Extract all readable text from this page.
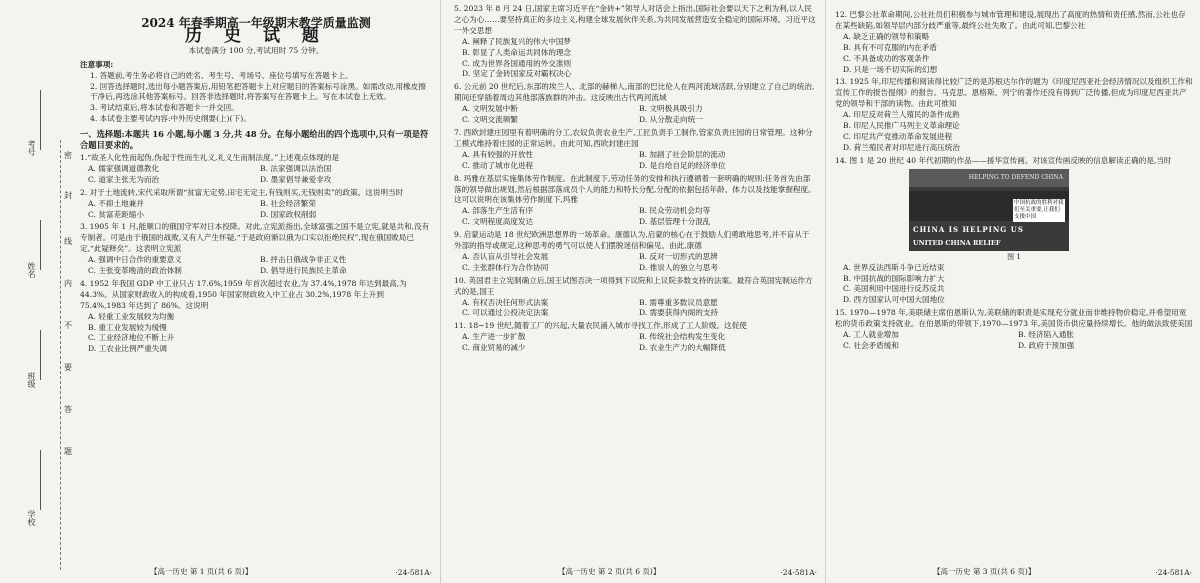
考号
姓名
班级
学校
密
封
线
内
不
要
答
题
2024 年春季期高一年级期末教学质量监测
历 史 试 题
本试卷满分 100 分,考试用时 75 分钟。
注意事项:
1. 答题前,考生务必将自己的姓名、考生号、考场号、座位号填写在答题卡上。
2. 回答选择题时,选出每小题答案后,用铅笔把答题卡上对应题目的答案标号涂黑。如需改动,用橡皮擦干净后,再选涂其他答案标号。回答非选择题时,将答案写在答题卡上。写在本试卷上无效。
3. 考试结束后,将本试卷和答题卡一并交回。
4. 本试卷主要考试内容:中外历史纲要(上)(下)。
一、选择题:本题共 16 小题,每小题 3 分,共 48 分。在每小题给出的四个选项中,只有一项是符合题目要求的。
1.“故圣人化性而起伪,伪起于性而生礼义,礼义生而制法度。”上述观点体现的是
A. 儒家强调道德教化	B. 法家强调以法治国
C. 道家主张无为而治	D. 墨家倡导兼爱非攻
2. 对于土地流转,宋代采取所谓“贫富无定势,田宅无定主,有钱则买,无钱则卖”的政策。这说明当时
A. 不抑土地兼并	B. 社会经济繁荣
C. 贫富差距缩小	D. 国家政权削弱
3. 1905 年 1 月,能顺口的俄国守军对日本投降。对此,立宪派指出,全球富强之国不是立宪,就是共和,没有专制者。可是由于俄国的战败,又有人产生怀疑,“于是政府渐以俄为口实以拒绝民权”,现在俄国败局已定,“此疑释矣”。这表明立宪派
A. 强调中日合作的重要意义	B. 抨击日俄战争非正义性
C. 主张变革晚清的政治体制	D. 倡导进行民族民主革命
4. 1952 年我国 GDP 中工业只占 17.6%,1959 年首次超过农业,为 37.4%,1978 年达到最高,为 44.3%。从国家财政收入的构成看,1950 年国家财政收入中工业占 30.2%,1978 年上升到 75.4%,1983 年达到了 86%。这说明
A. 轻重工业发展较为均衡
B. 重工业发展较为缓慢
C. 工业经济地位不断上升
D. 工农业比例严重失调
【高一历史 第 1 页(共 6 页)】	·24-581A·
5. 2023 年 8 月 24 日,国家主席习近平在“金砖+”领导人对话会上指出,国际社会要以天下之利为利,以人民之心为心……要坚持真正的多边主义,构建全球发展伙伴关系,为共同发展营造安全稳定的国际环境。习近平这一外交思想
A. 阐释了民族复兴的伟大中国梦
B. 彰显了人类命运共同体的理念
C. 成为世界各国通用的外交准则
D. 坚定了金砖国家反对霸权决心
6. 公元前 20 世纪后,东部的埃兰人、北部的赫梯人,南部的巴比伦人在两河流域活跃,分别建立了自己的统治,期间还穿插着周边其他部落族群的冲击。这反映出古代两河流域
A. 文明发展中断	B. 文明极具吸引力
C. 文明交流频繁	D. 从分散走向统一
7. 西欧封建庄园里有着明确的分工,农奴负责农业生产,工匠负责手工制作,管家负责庄园的日常管理。这种分工模式维持着庄园的正常运转。由此可知,西欧封建庄园
A. 具有较强的开放性	B. 加剧了社会阶层的流动
C. 推动了城市化进程	D. 是自给自足的经济单位
8. 玛雅在基层实施集体劳作制度。在此制度下,劳动任务的安排和执行遵循着一套明确的规则:任务首先由部落的领导做出规划,然后根据部落成员个人的能力和特长分配,分配的依据包括年龄、体力以及技能掌握程度。这可以说明在该集体劳作制度下,玛雅
A. 部落生产生活有序	B. 民众劳动机会均等
C. 文明程度高度发达	D. 基层管理十分混乱
9. 启蒙运动是 18 世纪欧洲思想界的一场革命。康德认为,启蒙的核心在于鼓励人们勇敢地思考,并不盲从于外部的指导或规定,这种思考的勇气可以使人们摆脱迷信和偏见。由此,康德
A. 否认盲从引导社会发展	B. 反对一切形式的思辨
C. 主张群体行为合作协同	D. 推崇人的独立与思考
10. 英国君主立宪制确立后,国王试图否决一项得到下议院和上议院多数支持的法案。最符合英国宪制运作方式的是,国王
A. 有权否决任何形式法案	B. 需尊重多数议员意愿
C. 可以通过公投决定法案	D. 需要获得内阁的支持
11. 18~19 世纪,随着工厂的兴起,大量农民涌入城市寻找工作,形成了工人阶级。这促使
A. 生产进一步扩散	B. 传统社会结构发生变化
C. 商业贸易的减少	D. 农业生产力的大幅降低
【高一历史 第 2 页(共 6 页)】	·24-581A·
12. 巴黎公社革命期间,公社社员们积极参与城市管理和建设,展现出了高度的热情和责任感,然而,公社也存在某些缺陷,如领导层内部分歧严重等,最终公社失败了。由此可知,巴黎公社
A. 缺乏正确的领导和策略
B. 具有不可克服的内在矛盾
C. 不具备成功的客观条件
D. 只是一场不切实际的幻想
13. 1925 年,印尼传播和阅读得比较广泛的是苏根达尔作的题为《印度尼西亚社会经济情况以及组织工作和宣传工作的报告提纲》的报告。马克思、恩格斯、列宁的著作还没有得到广泛传播,但成为印度尼西亚共产党的领导和干部的读物。由此可推知
A. 印尼反对荷兰人殖民的条件成熟
B. 印尼人民推广马列主义革命理论
C. 印尼共产党推动革命发展进程
D. 荷兰殖民者对印尼进行高压统治
14. 图 1 是 20 世纪 40 年代初期的作品——援华宣传画。对该宣传画反映的信息解读正确的是,当时
HELPING TO DEFEND CHINA
中国抗战的胜利对我们至关重要,让我们支援中国
CHINA IS HELPING US
UNITED CHINA RELIEF
图 1
A. 世界反法西斯斗争已近结束
B. 中国抗战的国际影响力扩大
C. 美国利用中国进行反苏反共
D. 西方国家认可中国大国地位
15. 1970—1978 年,美联储主席伯恩斯认为,美联储的职责是实现充分就业而非维持物价稳定,并希望用宽松的货币政策支持就业。在伯恩斯的带领下,1970—1973 年,美国货币供应量持续增长。他的做法致使美国
A. 工人就业增加	B. 经济陷入通胀
C. 社会矛盾缓和	D. 政府干预加强
【高一历史 第 3 页(共 6 页)】	·24-581A·
